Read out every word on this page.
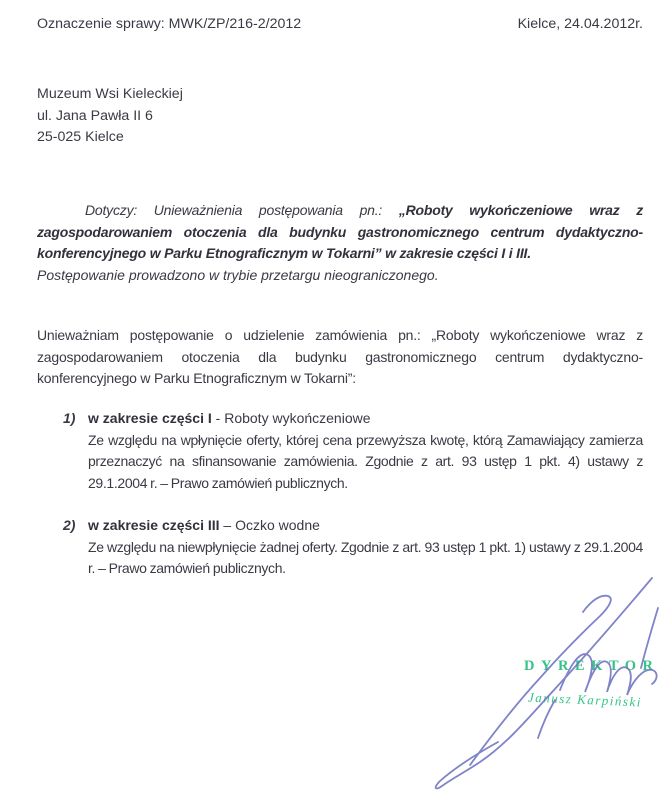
Oznaczenie sprawy: MWK/ZP/216-2/2012	Kielce, 24.04.2012r.
Muzeum Wsi Kieleckiej
ul. Jana Pawła II 6
25-025 Kielce

Dotyczy: Unieważnienia postępowania pn.: „Roboty wykończeniowe wraz z zagospodarowaniem otoczenia dla budynku gastronomicznego centrum dydaktyczno-konferencyjnego w Parku Etnograficznym w Tokarni” w zakresie części I i III.

Postępowanie prowadzono w trybie przetargu nieograniczonego.

Unieważniam postępowanie o udzielenie zamówienia pn.: „Roboty wykończeniowe wraz z zagospodarowaniem otoczenia dla budynku gastronomicznego centrum dydaktyczno-konferencyjnego w Parku Etnograficznym w Tokarni”:

1) w zakresie części I - Roboty wykończeniowe

Ze względu na wpłynięcie oferty, której cena przewyższa kwotę, którą Zamawiający zamierza przeznaczyć na sfinansowanie zamówienia. Zgodnie z art. 93 ustęp 1 pkt. 4) ustawy z 29.1.2004 r. – Prawo zamówień publicznych.

2) w zakresie części III – Oczko wodne

Ze względu na niewpłynięcie żadnej oferty. Zgodnie z art. 93 ustęp 1 pkt. 1) ustawy z 29.1.2004 r. – Prawo zamówień publicznych.

DYREKTOR
Janusz Karpiński
